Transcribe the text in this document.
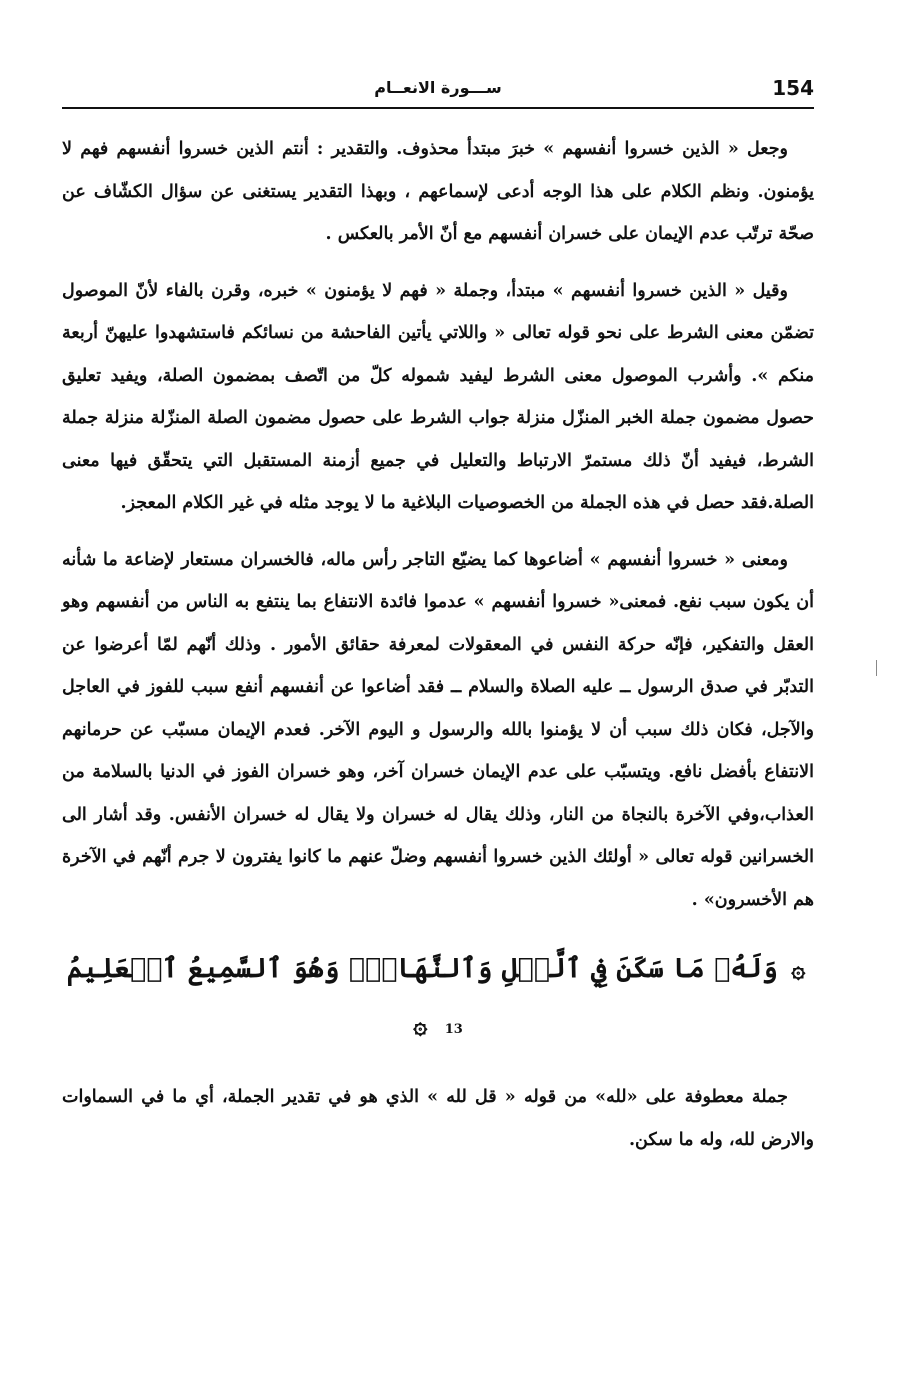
154
ســـورة الانعــام

وجعل « الذين خسروا أنفسهم » خبرَ مبتدأ محذوف. والتقدير : أنتم الذين خسروا أنفسهم فهم لا يؤمنون. ونظم الكلام على هذا الوجه أدعى لإسماعهم ، وبهذا التقدير يستغنى عن سؤال الكشّاف عن صحّة ترتّب عدم الإيمان على خسران أنفسهم مع أنّ الأمر بالعكس .

وقيل « الذين خسروا أنفسهم » مبتدأ، وجملة « فهم لا يؤمنون » خبره، وقرن بالفاء لأنّ الموصول تضمّن معنى الشرط على نحو قوله تعالى « واللاتي يأتين الفاحشة من نسائكم فاستشهدوا عليهنّ أربعة منكم ». وأشرب الموصول معنى الشرط ليفيد شموله كلّ من اتّصف بمضمون الصلة، ويفيد تعليق حصول مضمون جملة الخبر المنزّل منزلة جواب الشرط على حصول مضمون الصلة المنزّلة منزلة جملة الشرط، فيفيد أنّ ذلك مستمرّ الارتباط والتعليل في جميع أزمنة المستقبل التي يتحقّق فيها معنى الصلة.فقد حصل في هذه الجملة من الخصوصيات البلاغية ما لا يوجد مثله في غير الكلام المعجز.

ومعنى « خسروا أنفسهم » أضاعوها كما يضيّع التاجر رأس ماله، فالخسران مستعار لإضاعة ما شأنه أن يكون سبب نفع. فمعنى« خسروا أنفسهم » عدموا فائدة الانتفاع بما ينتفع به الناس من أنفسهم وهو العقل والتفكير، فإنّه حركة النفس في المعقولات لمعرفة حقائق الأمور . وذلك أنّهم لمّا أعرضوا عن التدبّر في صدق الرسول ــ عليه الصلاة والسلام ــ فقد أضاعوا عن أنفسهم أنفع سبب للفوز في العاجل والآجل، فكان ذلك سبب أن لا يؤمنوا بالله والرسول و اليوم الآخر. فعدم الإيمان مسبّب عن حرمانهم الانتفاع بأفضل نافع. ويتسبّب على عدم الإيمان خسران آخر، وهو خسران الفوز في الدنيا بالسلامة من العذاب،وفي الآخرة بالنجاة من النار، وذلك يقال له خسران ولا يقال له خسران الأنفس. وقد أشار الى الخسرانين قوله تعالى « أولئك الذين خسروا أنفسهم وضلّ عنهم ما كانوا يفترون لا جرم أنّهم في الآخرة هم الأخسرون» .

۞ وَلَهُۥ مَا سَكَنَ فِي ٱلَّيۡلِ وَٱلنَّهَارِۚ وَهُوَ ٱلسَّمِيعُ ٱلۡعَلِيمُ 13 ۞

جملة معطوفة على «لله» من قوله « قل لله » الذي هو في تقدير الجملة، أي ما في السماوات والارض لله، وله ما سكن.
